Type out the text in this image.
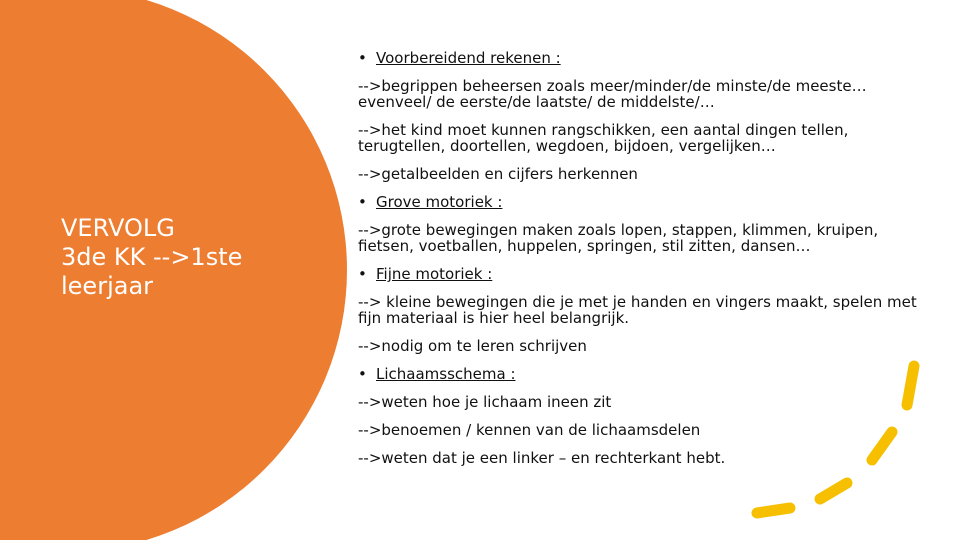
VERVOLG
3de KK -->1ste
leerjaar
• Voorbereidend rekenen :
-->begrippen beheersen zoals meer/minder/de minste/de meeste…evenveel/ de eerste/de laatste/ de middelste/…
-->het kind moet kunnen rangschikken, een aantal dingen tellen, terugtellen, doortellen, wegdoen, bijdoen, vergelijken…
-->getalbeelden en cijfers herkennen
• Grove motoriek :
-->grote bewegingen maken zoals lopen, stappen, klimmen, kruipen, fietsen, voetballen, huppelen, springen, stil zitten, dansen…
• Fijne motoriek :
--> kleine bewegingen die je met je handen en vingers maakt, spelen met fijn materiaal is hier heel belangrijk.
-->nodig om te leren schrijven
• Lichaamsschema :
-->weten hoe je lichaam ineen zit
-->benoemen / kennen van de lichaamsdelen
-->weten dat je een linker – en rechterkant hebt.
